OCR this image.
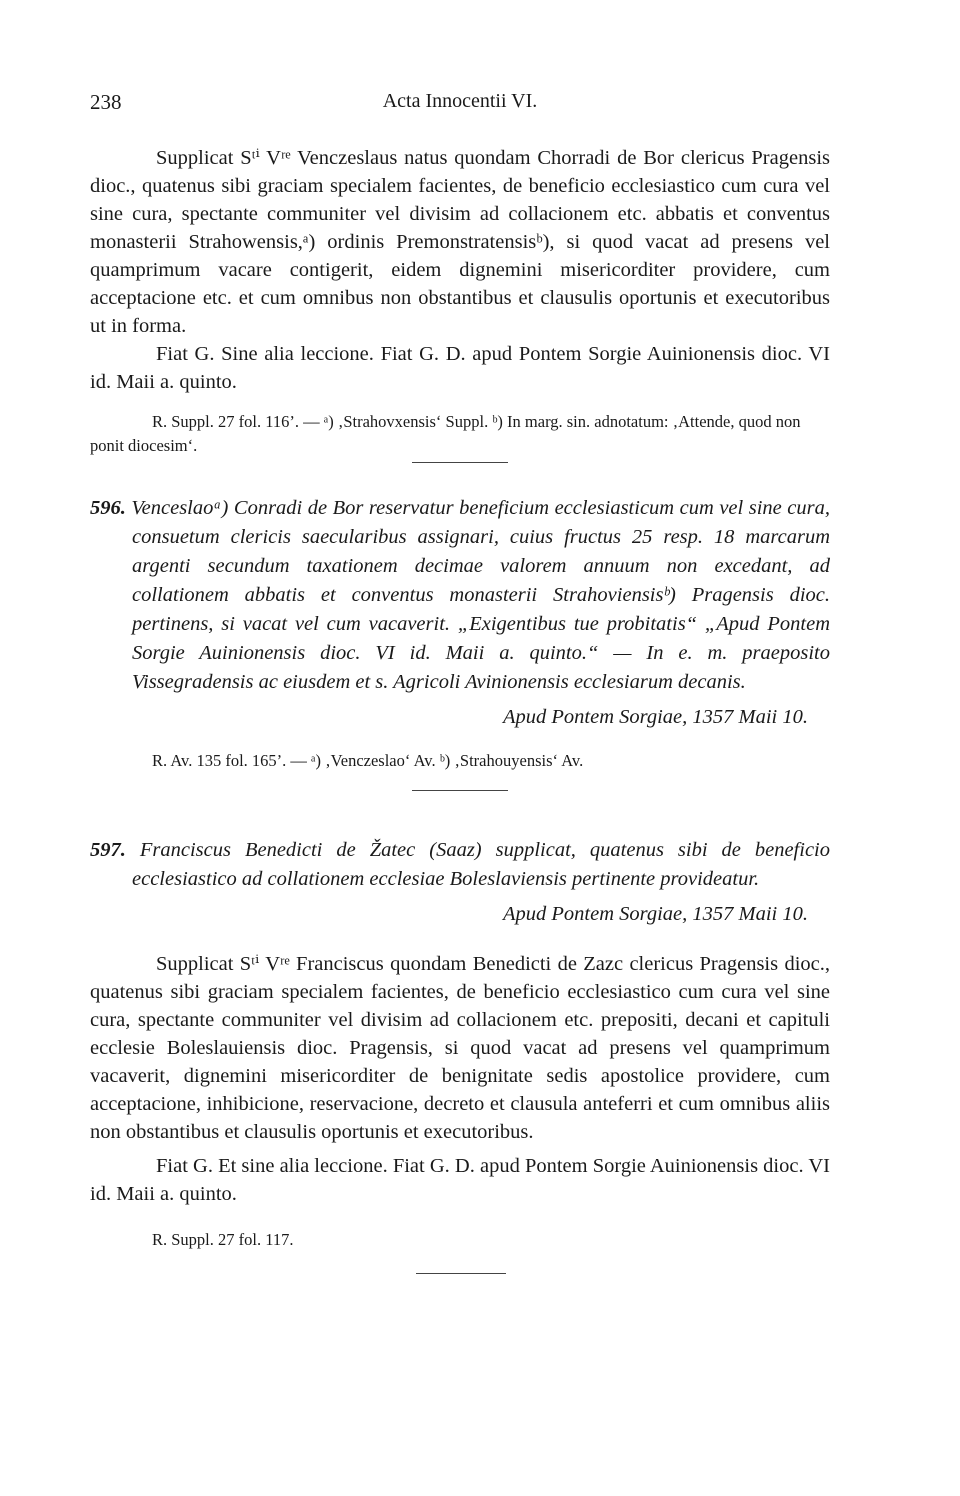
238	Acta Innocentii VI.

Supplicat Sᵗⁱ Vʳᵉ Venczeslaus natus quondam Chorradi de Bor clericus Pragensis dioc., quatenus sibi graciam specialem facientes, de beneficio ecclesiastico cum cura vel sine cura, spectante communiter vel divisim ad collacionem etc. abbatis et conventus monasterii Strahowensis,ᵃ) ordinis Premonstratensisᵇ), si quod vacat ad presens vel quamprimum vacare contigerit, eidem dignemini misericorditer providere, cum acceptacione etc. et cum omnibus non obstantibus et clausulis oportunis et executoribus ut in forma.

Fiat G. Sine alia leccione. Fiat G. D. apud Pontem Sorgie Auinionensis dioc. VI id. Maii a. quinto.

R. Suppl. 27 fol. 116’. — ᵃ) ‚Strahovxensis‘ Suppl. ᵇ) In marg. sin. adnotatum: ‚Attende, quod non ponit diocesim‘.

596. Venceslaoᵃ) Conradi de Bor reservatur beneficium ecclesiasticum cum vel sine cura, consuetum clericis saecularibus assignari, cuius fructus 25 resp. 18 marcarum argenti secundum taxationem decimae valorem annuum non excedant, ad collationem abbatis et conventus monasterii Strahoviensisᵇ) Pragensis dioc. pertinens, si vacat vel cum vacaverit. „Exigentibus tue probitatis“ „Apud Pontem Sorgie Auinionensis dioc. VI id. Maii a. quinto.“ — In e. m. praeposito Vissegradensis ac eiusdem et s. Agricoli Avinionensis ecclesiarum decanis.

Apud Pontem Sorgiae, 1357 Maii 10.

R. Av. 135 fol. 165’. — ᵃ) ‚Venczeslao‘ Av. ᵇ) ‚Strahouyensis‘ Av.

597. Franciscus Benedicti de Žatec (Saaz) supplicat, quatenus sibi de beneficio ecclesiastico ad collationem ecclesiae Boleslaviensis pertinente provideatur.

Apud Pontem Sorgiae, 1357 Maii 10.

Supplicat Sᵗⁱ Vʳᵉ Franciscus quondam Benedicti de Zazc clericus Pragensis dioc., quatenus sibi graciam specialem facientes, de beneficio ecclesiastico cum cura vel sine cura, spectante communiter vel divisim ad collacionem etc. prepositi, decani et capituli ecclesie Boleslauiensis dioc. Pragensis, si quod vacat ad presens vel quamprimum vacaverit, dignemini misericorditer de benignitate sedis apostolice providere, cum acceptacione, inhibicione, reservacione, decreto et clausula anteferri et cum omnibus aliis non obstantibus et clausulis oportunis et executoribus.

Fiat G. Et sine alia leccione. Fiat G. D. apud Pontem Sorgie Auinionensis dioc. VI id. Maii a. quinto.

R. Suppl. 27 fol. 117.
